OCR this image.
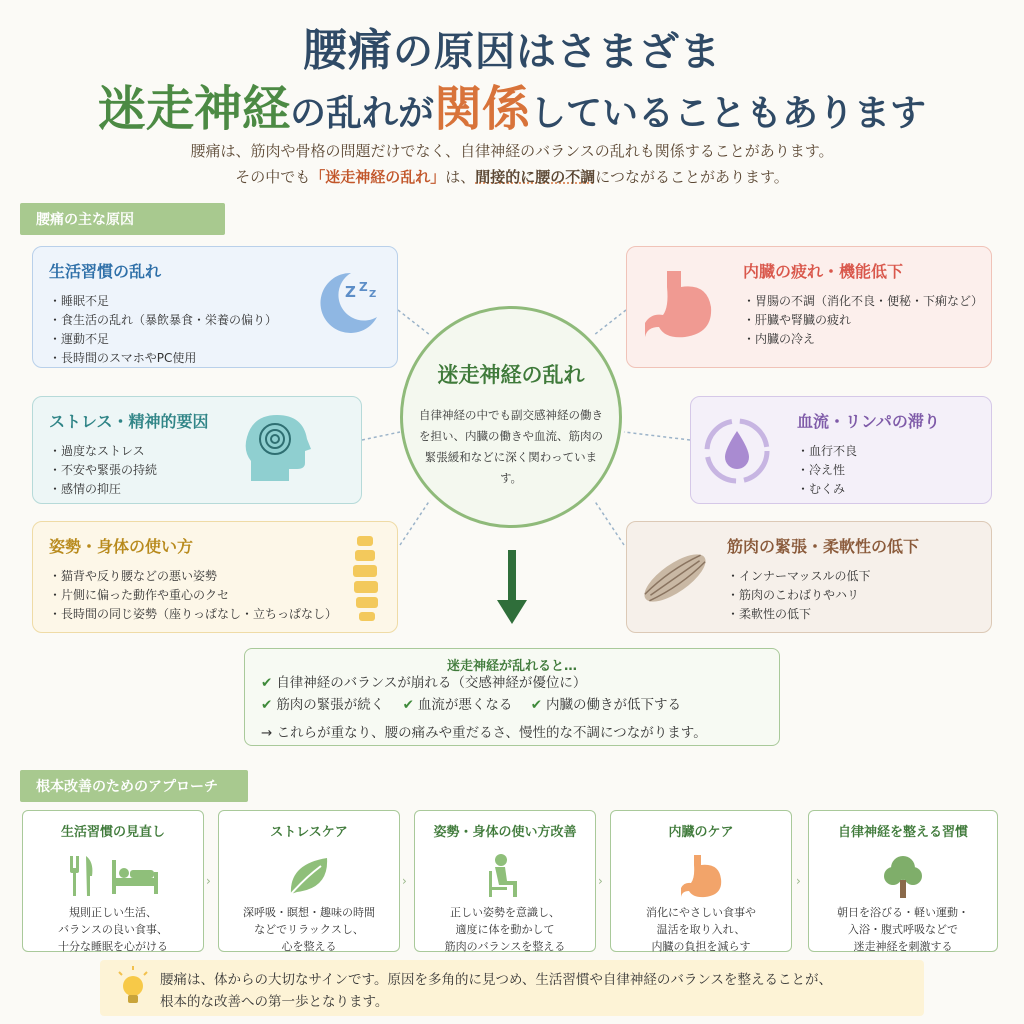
腰痛の原因はさまざま
迷走神経の乱れが関係していることもあります
腰痛は、筋肉や骨格の問題だけでなく、自律神経のバランスの乱れも関係することがあります。
その中でも「迷走神経の乱れ」は、間接的に腰の不調につながることがあります。
腰痛の主な原因
生活習慣の乱れ
・ 睡眠不足
・ 食生活の乱れ（暴飲暴食・栄養の偏り）
・ 運動不足
・ 長時間のスマホやPC使用
Z Z
Z
ストレス・精神的要因
・ 過度なストレス
・ 不安や緊張の持続
・ 感情の抑圧
姿勢・身体の使い方
・ 猫背や反り腰などの悪い姿勢
・ 片側に偏った動作や重心のクセ
・ 長時間の同じ姿勢（座りっぱなし・立ちっぱなし）
内臓の疲れ・機能低下
・ 胃腸の不調（消化不良・便秘・下痢など）
・ 肝臓や腎臓の疲れ
・ 内臓の冷え
血流・リンパの滞り
・ 血行不良
・ 冷え性
・ むくみ
筋肉の緊張・柔軟性の低下
・ インナーマッスルの低下
・ 筋肉のこわばりやハリ
・ 柔軟性の低下
迷走神経の乱れ

自律神経の中でも副交感神経の働きを担い、内臓の働きや血流、筋肉の緊張緩和などに深く関わっています。

迷走神経が乱れると…
✔ 自律神経のバランスが崩れる（交感神経が優位に）
✔ 筋肉の緊張が続く ✔ 血流が悪くなる ✔ 内臓の働きが低下する
→ これらが重なり、腰の痛みや重だるさ、慢性的な不調につながります。
根本改善のためのアプローチ
生活習慣の見直し

規則正しい生活、

バランスの良い食事、

十分な睡眠を心がける

›
ストレスケア

深呼吸・瞑想・趣味の時間

などでリラックスし、

心を整える

›
姿勢・身体の使い方改善

正しい姿勢を意識し、

適度に体を動かして

筋肉のバランスを整える

›
内臓のケア

消化にやさしい食事や

温活を取り入れ、

内臓の負担を減らす

›
自律神経を整える習慣

朝日を浴びる・軽い運動・

入浴・腹式呼吸などで

迷走神経を刺激する

腰痛は、体からの大切なサインです。原因を多角的に見つめ、生活習慣や自律神経のバランスを整えることが、
根本的な改善への第一歩となります。
